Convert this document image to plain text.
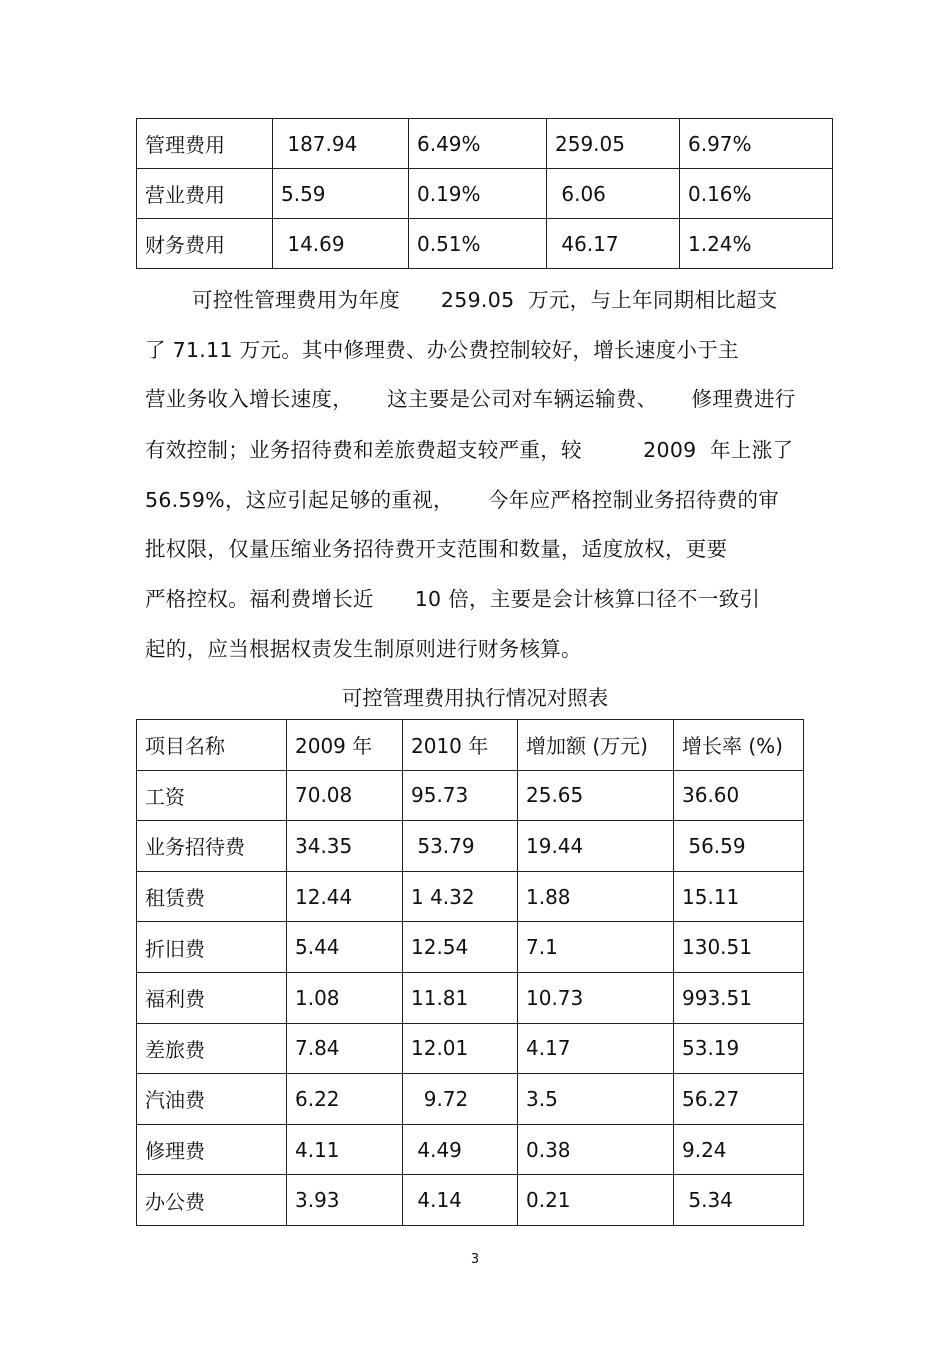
管理费用	187.94	6.49%	259.05	6.97%
营业费用	5.59	0.19%	6.06	0.16%
财务费用	14.69	0.51%	46.17	1.24%
可控性管理费用为年度      259.05  万元，与上年同期相比超支
了 71.11 万元。其中修理费、办公费控制较好，增长速度小于主
营业务收入增长速度，     这主要是公司对车辆运输费、     修理费进行
有效控制；业务招待费和差旅费超支较严重，较         2009  年上涨了
56.59%，这应引起足够的重视，     今年应严格控制业务招待费的审
批权限，仅量压缩业务招待费开支范围和数量，适度放权，更要
严格控权。福利费增长近      10 倍，主要是会计核算口径不一致引
起的，应当根据权责发生制原则进行财务核算。
可控管理费用执行情况对照表
项目名称	2009 年	2010 年	增加额 (万元)	增长率 (%)
工资	70.08	95.73	25.65	36.60
业务招待费	34.35	53.79	19.44	56.59
租赁费	12.44	1 4.32	1.88	15.11
折旧费	5.44	12.54	7.1	130.51
福利费	1.08	11.81	10.73	993.51
差旅费	7.84	12.01	4.17	53.19
汽油费	6.22	9.72	3.5	56.27
修理费	4.11	4.49	0.38	9.24
办公费	3.93	4.14	0.21	5.34
3
